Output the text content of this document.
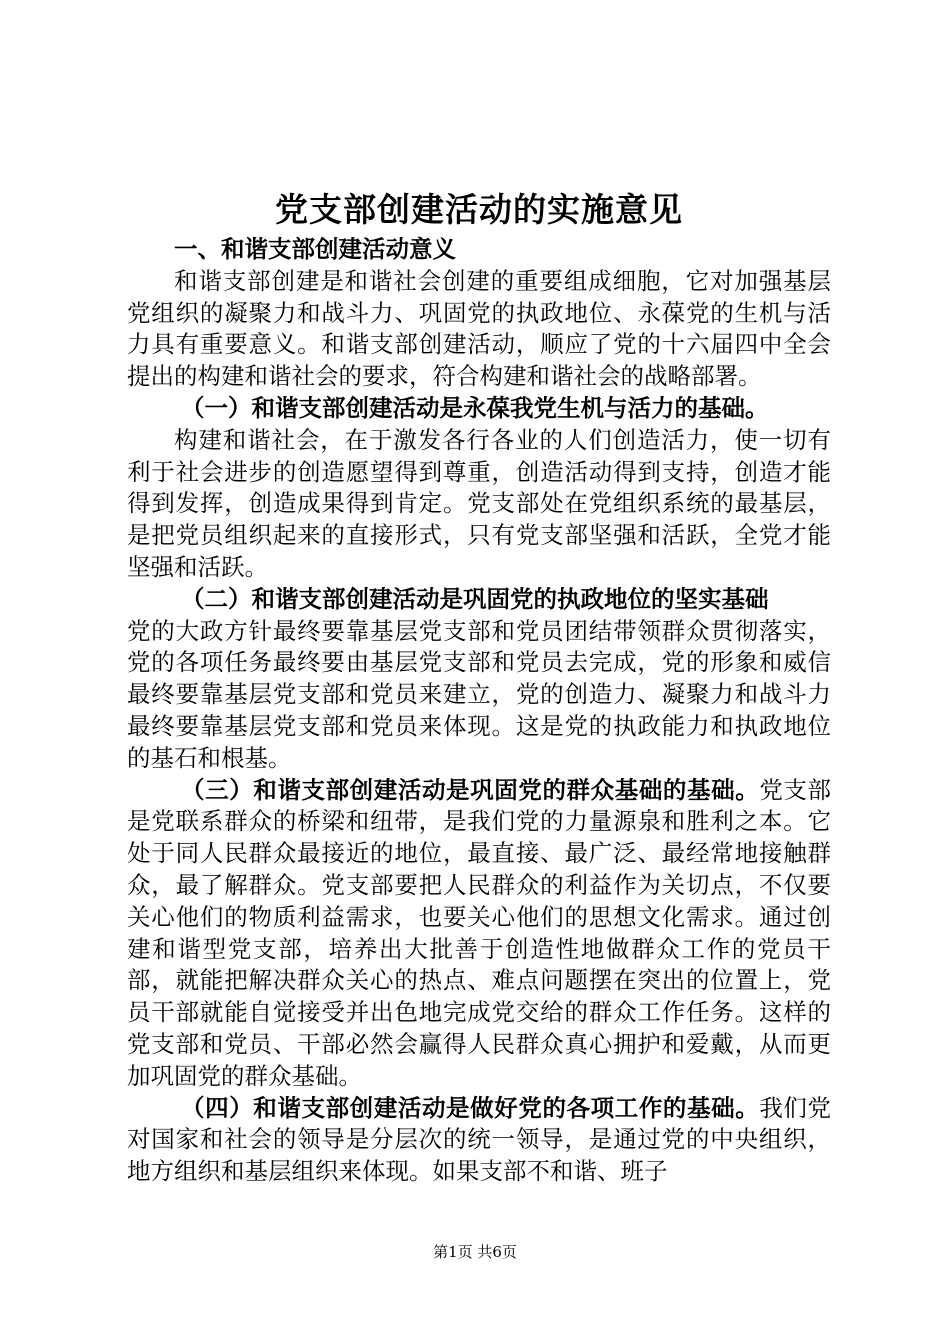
党支部创建活动的实施意见

一、和谐支部创建活动意义

和谐支部创建是和谐社会创建的重要组成细胞，它对加强基层党组织的凝聚力和战斗力、巩固党的执政地位、永葆党的生机与活力具有重要意义。和谐支部创建活动，顺应了党的十六届四中全会提出的构建和谐社会的要求，符合构建和谐社会的战略部署。

（一）和谐支部创建活动是永葆我党生机与活力的基础。

构建和谐社会，在于激发各行各业的人们创造活力，使一切有利于社会进步的创造愿望得到尊重，创造活动得到支持，创造才能得到发挥，创造成果得到肯定。党支部处在党组织系统的最基层，是把党员组织起来的直接形式，只有党支部坚强和活跃，全党才能坚强和活跃。

（二）和谐支部创建活动是巩固党的执政地位的坚实基础

党的大政方针最终要靠基层党支部和党员团结带领群众贯彻落实，党的各项任务最终要由基层党支部和党员去完成，党的形象和威信最终要靠基层党支部和党员来建立，党的创造力、凝聚力和战斗力最终要靠基层党支部和党员来体现。这是党的执政能力和执政地位的基石和根基。

（三）和谐支部创建活动是巩固党的群众基础的基础。党支部是党联系群众的桥梁和纽带，是我们党的力量源泉和胜利之本。它处于同人民群众最接近的地位，最直接、最广泛、最经常地接触群众，最了解群众。党支部要把人民群众的利益作为关切点，不仅要关心他们的物质利益需求，也要关心他们的思想文化需求。通过创建和谐型党支部，培养出大批善于创造性地做群众工作的党员干部，就能把解决群众关心的热点、难点问题摆在突出的位置上，党员干部就能自觉接受并出色地完成党交给的群众工作任务。这样的党支部和党员、干部必然会赢得人民群众真心拥护和爱戴，从而更加巩固党的群众基础。

（四）和谐支部创建活动是做好党的各项工作的基础。我们党对国家和社会的领导是分层次的统一领导，是通过党的中央组织，地方组织和基层组织来体现。如果支部不和谐、班子

第1页 共6页
